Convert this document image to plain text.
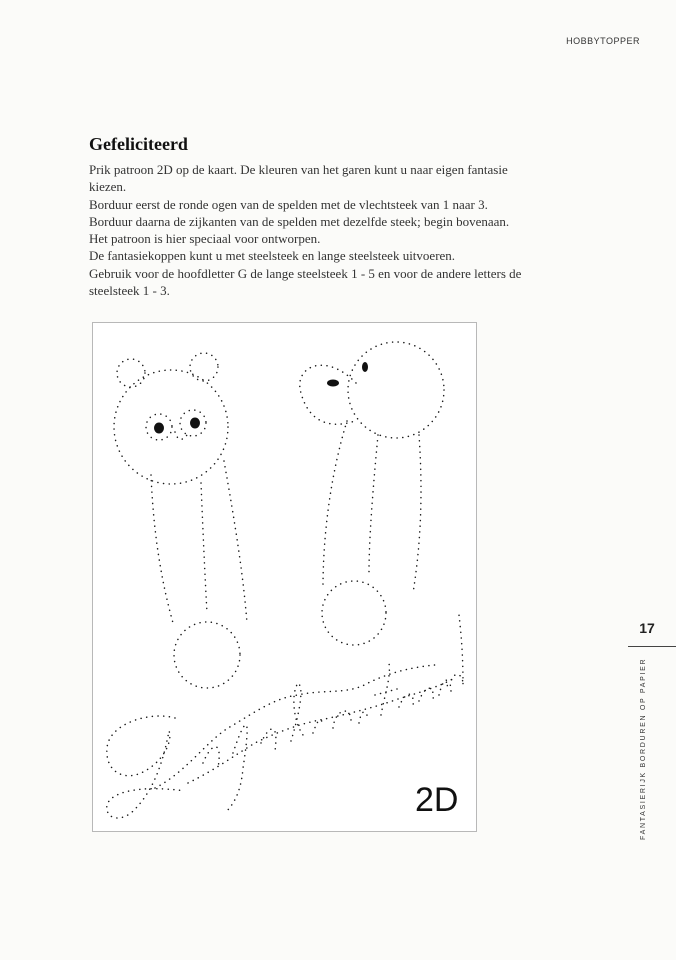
HOBBYTOPPER
Gefeliciteerd

Prik patroon 2D op de kaart. De kleuren van het garen kunt u naar eigen fantasie

kiezen.

Borduur eerst de ronde ogen van de spelden met de vlechtsteek van 1 naar 3.

Borduur daarna de zijkanten van de spelden met dezelfde steek; begin bovenaan.

Het patroon is hier speciaal voor ontworpen.

De fantasiekoppen kunt u met steelsteek en lange steelsteek uitvoeren.

Gebruik voor de hoofdletter G de lange steelsteek 1 - 5 en voor de andere letters de

steelsteek 1 - 3.

2D
17
FANTASIERIJK BORDUREN OP PAPIER
